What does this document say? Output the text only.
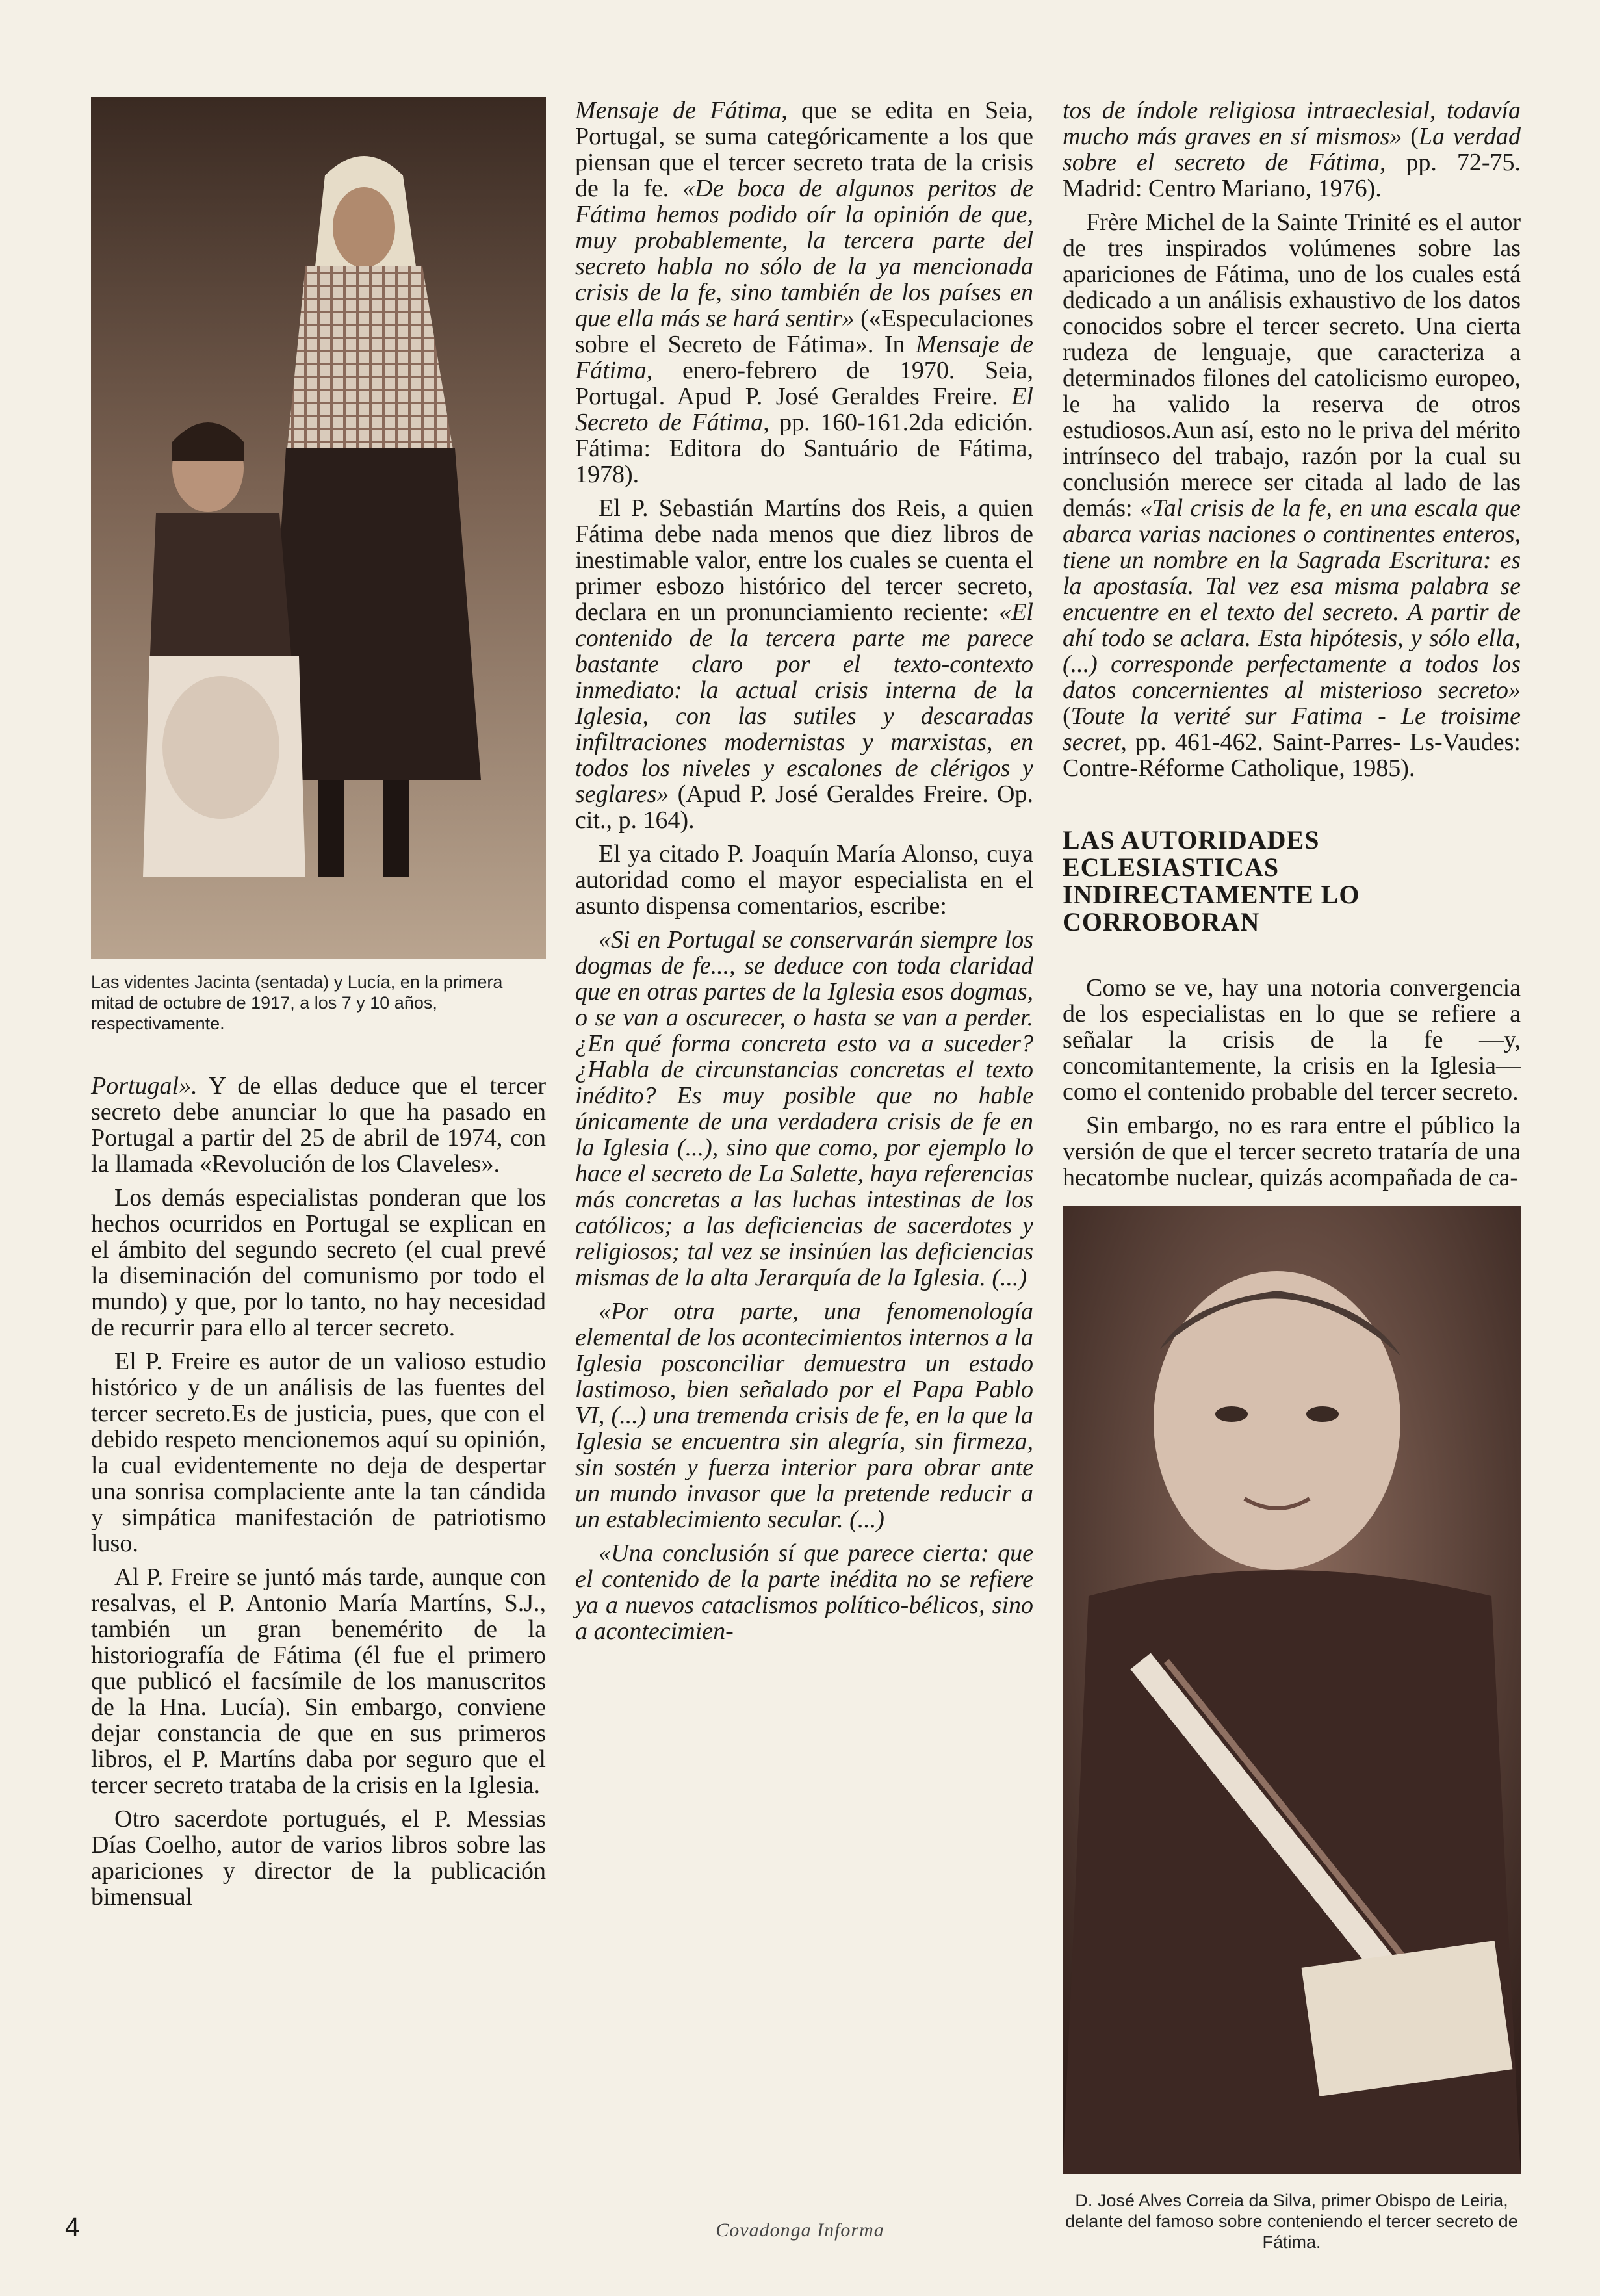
Las videntes Jacinta (sentada) y Lucía, en la primera mitad de octubre de 1917, a los 7 y 10 años, respectivamente.

Portugal». Y de ellas deduce que el tercer secreto debe anunciar lo que ha pasado en Portugal a partir del 25 de abril de 1974, con la llamada «Revolución de los Claveles».

Los demás especialistas ponderan que los hechos ocurridos en Portugal se explican en el ámbito del segundo secreto (el cual prevé la diseminación del comunismo por todo el mundo) y que, por lo tanto, no hay necesidad de recurrir para ello al tercer secreto.

El P. Freire es autor de un valioso estudio histórico y de un análisis de las fuentes del tercer secreto.Es de justicia, pues, que con el debido respeto mencionemos aquí su opinión, la cual evidentemente no deja de despertar una sonrisa complaciente ante la tan cándida y simpática manifestación de patriotismo luso.

Al P. Freire se juntó más tarde, aunque con resalvas, el P. Antonio María Martíns, S.J., también un gran benemérito de la historiografía de Fátima (él fue el primero que publicó el facsímile de los manuscritos de la Hna. Lucía). Sin embargo, conviene dejar constancia de que en sus primeros libros, el P. Martíns daba por seguro que el tercer secreto trataba de la crisis en la Iglesia.

Otro sacerdote portugués, el P. Messias Días Coelho, autor de varios libros sobre las apariciones y director de la publicación bimensual

Mensaje de Fátima, que se edita en Seia, Portugal, se suma categóricamente a los que piensan que el tercer secreto trata de la crisis de la fe. «De boca de algunos peritos de Fátima hemos podido oír la opinión de que, muy probablemente, la tercera parte del secreto habla no sólo de la ya mencionada crisis de la fe, sino también de los países en que ella más se hará sentir» («Especulaciones sobre el Secreto de Fátima». In Mensaje de Fátima, enero-febrero de 1970. Seia, Portugal. Apud P. José Geraldes Freire. El Secreto de Fátima, pp. 160-161.2da edición. Fátima: Editora do Santuário de Fátima, 1978).

El P. Sebastián Martíns dos Reis, a quien Fátima debe nada menos que diez libros de inestimable valor, entre los cuales se cuenta el primer esbozo histórico del tercer secreto, declara en un pronunciamiento reciente: «El contenido de la tercera parte me parece bastante claro por el texto-contexto inmediato: la actual crisis interna de la Iglesia, con las sutiles y descaradas infiltraciones modernistas y marxistas, en todos los niveles y escalones de clérigos y seglares» (Apud P. José Geraldes Freire. Op. cit., p. 164).

El ya citado P. Joaquín María Alonso, cuya autoridad como el mayor especialista en el asunto dispensa comentarios, escribe:

«Si en Portugal se conservarán siempre los dogmas de fe..., se deduce con toda claridad que en otras partes de la Iglesia esos dogmas, o se van a oscurecer, o hasta se van a perder. ¿En qué forma concreta esto va a suceder? ¿Habla de circunstancias concretas el texto inédito? Es muy posible que no hable únicamente de una verdadera crisis de fe en la Iglesia (...), sino que como, por ejemplo lo hace el secreto de La Salette, haya referencias más concretas a las luchas intestinas de los católicos; a las deficiencias de sacerdotes y religiosos; tal vez se insinúen las deficiencias mismas de la alta Jerarquía de la Iglesia. (...)

«Por otra parte, una fenomenología elemental de los acontecimientos internos a la Iglesia posconciliar demuestra un estado lastimoso, bien señalado por el Papa Pablo VI, (...) una tremenda crisis de fe, en la que la Iglesia se encuentra sin alegría, sin firmeza, sin sostén y fuerza interior para obrar ante un mundo invasor que la pretende reducir a un establecimiento secular. (...)

«Una conclusión sí que parece cierta: que el contenido de la parte inédita no se refiere ya a nuevos cataclismos político-bélicos, sino a acontecimien-

tos de índole religiosa intraeclesial, todavía mucho más graves en sí mismos» (La verdad sobre el secreto de Fátima, pp. 72-75. Madrid: Centro Mariano, 1976).

Frère Michel de la Sainte Trinité es el autor de tres inspirados volúmenes sobre las apariciones de Fátima, uno de los cuales está dedicado a un análisis exhaustivo de los datos conocidos sobre el tercer secreto. Una cierta rudeza de lenguaje, que caracteriza a determinados filones del catolicismo europeo, le ha valido la reserva de otros estudiosos.Aun así, esto no le priva del mérito intrínseco del trabajo, razón por la cual su conclusión merece ser citada al lado de las demás: «Tal crisis de la fe, en una escala que abarca varias naciones o continentes enteros, tiene un nombre en la Sagrada Escritura: es la apostasía. Tal vez esa misma palabra se encuentre en el texto del secreto. A partir de ahí todo se aclara. Esta hipótesis, y sólo ella, (...) corresponde perfectamente a todos los datos concernientes al misterioso secreto» (Toute la verité sur Fatima - Le troisime secret, pp. 461-462. Saint-Parres- Ls-Vaudes: Contre-Réforme Catholique, 1985).

LAS AUTORIDADES ECLESIASTICAS INDIRECTAMENTE LO CORROBORAN

Como se ve, hay una notoria convergencia de los especialistas en lo que se refiere a señalar la crisis de la fe —y, concomitantemente, la crisis en la Iglesia— como el contenido probable del tercer secreto.

Sin embargo, no es rara entre el público la versión de que el tercer secreto trataría de una hecatombe nuclear, quizás acompañada de ca-

D. José Alves Correia da Silva, primer Obispo de Leiria, delante del famoso sobre conteniendo el tercer secreto de Fátima.
4	Covadonga Informa
